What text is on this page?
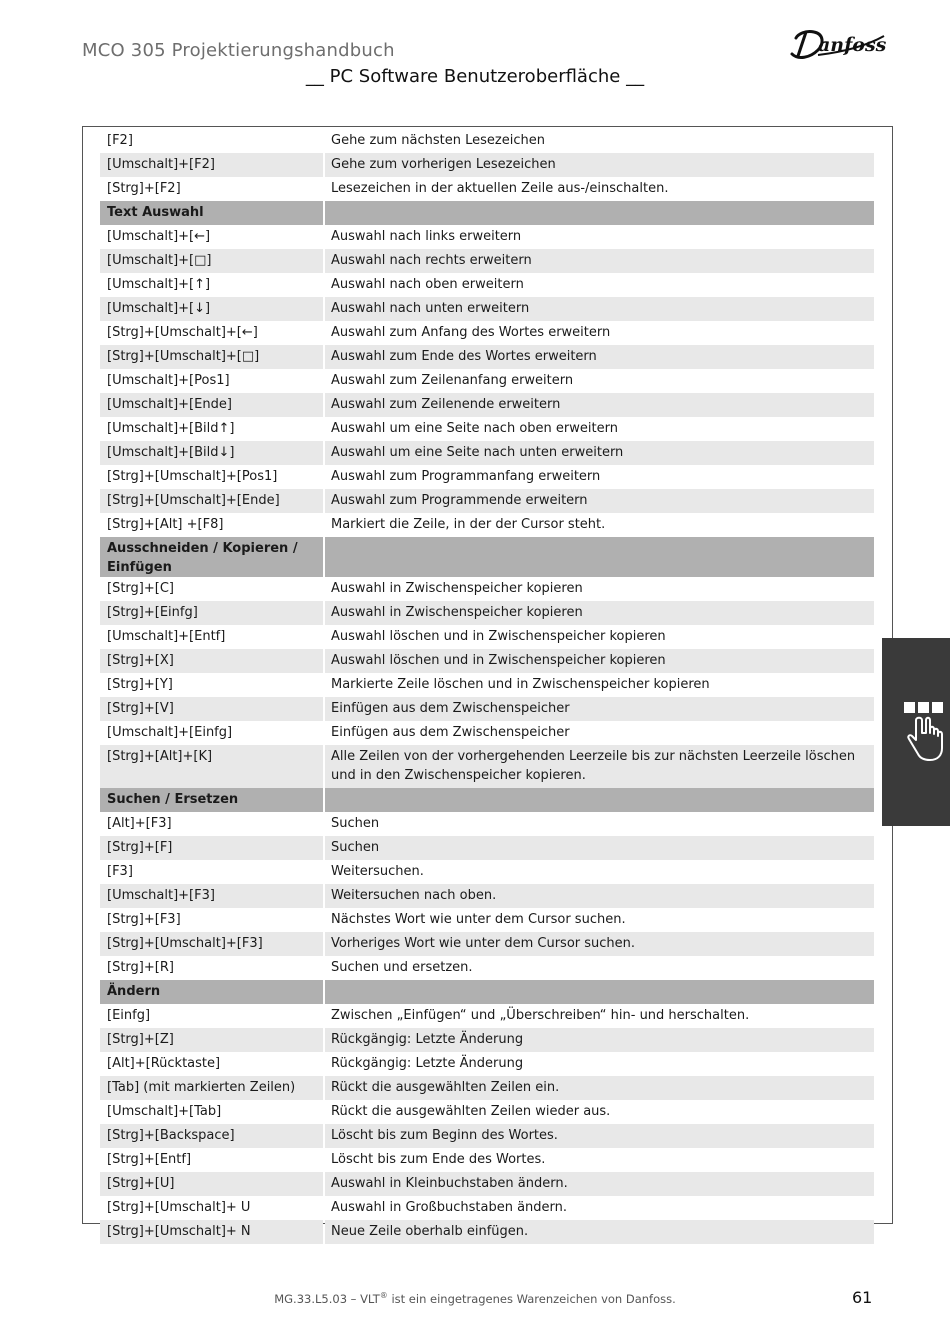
MCO 305 Projektierungshandbuch	anfoss
__ PC Software Benutzeroberfläche __
[F2]	Gehe zum nächsten Lesezeichen
[Umschalt]+[F2]	Gehe zum vorherigen Lesezeichen
[Strg]+[F2]	Lesezeichen in der aktuellen Zeile aus-/einschalten.
Text Auswahl
[Umschalt]+[←]	Auswahl nach links erweitern
[Umschalt]+[□]	Auswahl nach rechts erweitern
[Umschalt]+[↑]	Auswahl nach oben erweitern
[Umschalt]+[↓]	Auswahl nach unten erweitern
[Strg]+[Umschalt]+[←]	Auswahl zum Anfang des Wortes erweitern
[Strg]+[Umschalt]+[□]	Auswahl zum Ende des Wortes erweitern
[Umschalt]+[Pos1]	Auswahl zum Zeilenanfang erweitern
[Umschalt]+[Ende]	Auswahl zum Zeilenende erweitern
[Umschalt]+[Bild↑]	Auswahl um eine Seite nach oben erweitern
[Umschalt]+[Bild↓]	Auswahl um eine Seite nach unten erweitern
[Strg]+[Umschalt]+[Pos1]	Auswahl zum Programmanfang erweitern
[Strg]+[Umschalt]+[Ende]	Auswahl zum Programmende erweitern
[Strg]+[Alt] +[F8]	Markiert die Zeile, in der der Cursor steht.
Ausschneiden / Kopieren / Einfügen
[Strg]+[C]	Auswahl in Zwischenspeicher kopieren
[Strg]+[Einfg]	Auswahl in Zwischenspeicher kopieren
[Umschalt]+[Entf]	Auswahl löschen und in Zwischenspeicher kopieren
[Strg]+[X]	Auswahl löschen und in Zwischenspeicher kopieren
[Strg]+[Y]	Markierte Zeile löschen und in Zwischenspeicher kopieren
[Strg]+[V]	Einfügen aus dem Zwischenspeicher
[Umschalt]+[Einfg]	Einfügen aus dem Zwischenspeicher
[Strg]+[Alt]+[K]	Alle Zeilen von der vorhergehenden Leerzeile bis zur nächsten Leerzeile löschen und in den Zwischenspeicher kopieren.
Suchen / Ersetzen
[Alt]+[F3]	Suchen
[Strg]+[F]	Suchen
[F3]	Weitersuchen.
[Umschalt]+[F3]	Weitersuchen nach oben.
[Strg]+[F3]	Nächstes Wort wie unter dem Cursor suchen.
[Strg]+[Umschalt]+[F3]	Vorheriges Wort wie unter dem Cursor suchen.
[Strg]+[R]	Suchen und ersetzen.
Ändern
[Einfg]	Zwischen „Einfügen“ und „Überschreiben“ hin- und herschalten.
[Strg]+[Z]	Rückgängig: Letzte Änderung
[Alt]+[Rücktaste]	Rückgängig: Letzte Änderung
[Tab] (mit markierten Zeilen)	Rückt die ausgewählten Zeilen ein.
[Umschalt]+[Tab]	Rückt die ausgewählten Zeilen wieder aus.
[Strg]+[Backspace]	Löscht bis zum Beginn des Wortes.
[Strg]+[Entf]	Löscht bis zum Ende des Wortes.
[Strg]+[U]	Auswahl in Kleinbuchstaben ändern.
[Strg]+[Umschalt]+ U	Auswahl in Großbuchstaben ändern.
[Strg]+[Umschalt]+ N	Neue Zeile oberhalb einfügen.
MG.33.L5.03 – VLT® ist ein eingetragenes Warenzeichen von Danfoss.	61
